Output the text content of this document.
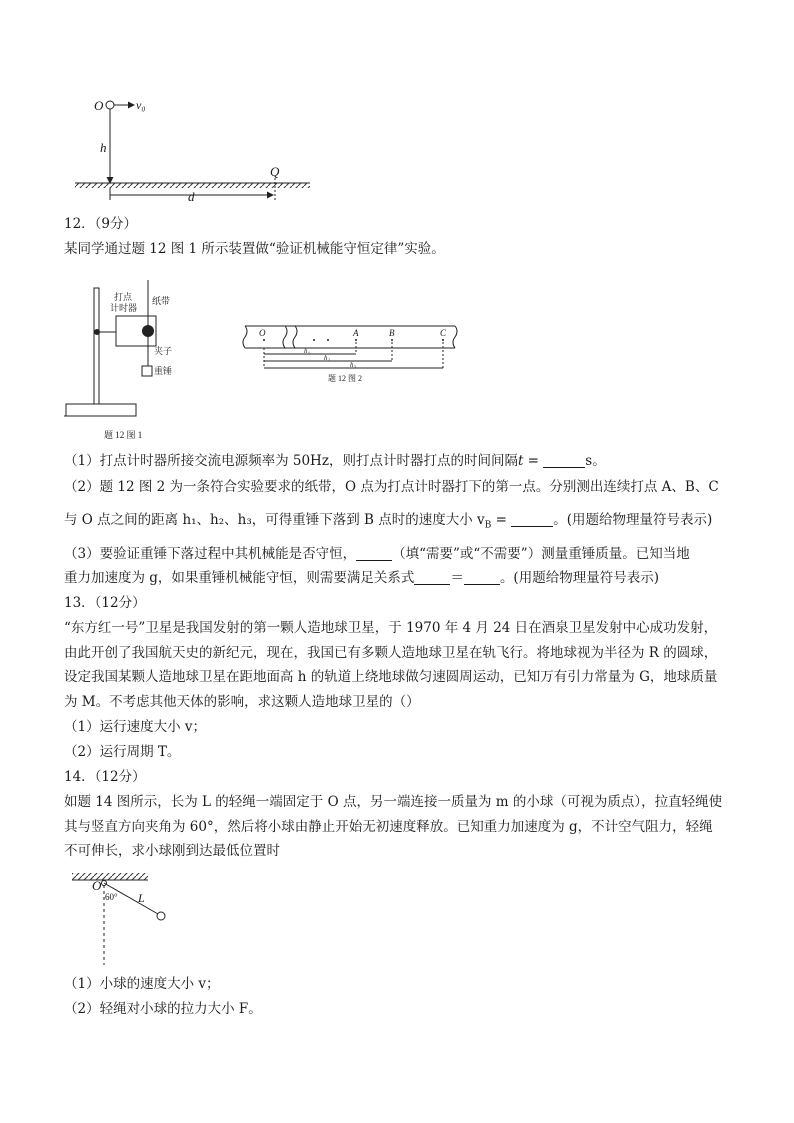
O	v₀
h
Q
d
12．（9分）
某同学通过题 12 图 1 所示装置做“验证机械能守恒定律”实验。
打点
计时器
纸带
夹子
重锤
题 12 图 1
O	A	B	C
h₁
h₂
h₃
题 12 图 2
（1）打点计时器所接交流电源频率为 50Hz，则打点计时器打点的时间间隔t =	s。
（2）题 12 图 2 为一条符合实验要求的纸带，O 点为打点计时器打下的第一点。分别测出连续打点 A、B、C
与 O 点之间的距离 h₁、h₂、h₃，可得重锤下落到 B 点时的速度大小 $v_B$ =	。(用题给物理量符号表示)
（3）要验证重锤下落过程中其机械能是否守恒，	（填“需要”或“不需要”）测量重锤质量。已知当地
重力加速度为 g，如果重锤机械能守恒，则需要满足关系式	＝	。(用题给物理量符号表示)
13．（12分）
“东方红一号”卫星是我国发射的第一颗人造地球卫星，于 1970 年 4 月 24 日在酒泉卫星发射中心成功发射，
由此开创了我国航天史的新纪元，现在，我国已有多颗人造地球卫星在轨飞行。将地球视为半径为 R 的圆球，
设定我国某颗人造地球卫星在距地面高 h 的轨道上绕地球做匀速圆周运动，已知万有引力常量为 G，地球质量
为 M。不考虑其他天体的影响，求这颗人造地球卫星的（）
（1）运行速度大小 v；
（2）运行周期 T。
14．（12分）
如题 14 图所示，长为 L 的轻绳一端固定于 O 点，另一端连接一质量为 m 的小球（可视为质点），拉直轻绳使
其与竖直方向夹角为 60°，然后将小球由静止开始无初速度释放。已知重力加速度为 g，不计空气阻力，轻绳
不可伸长，求小球刚到达最低位置时
O
60° L
（1）小球的速度大小 v；
（2）轻绳对小球的拉力大小 F。
